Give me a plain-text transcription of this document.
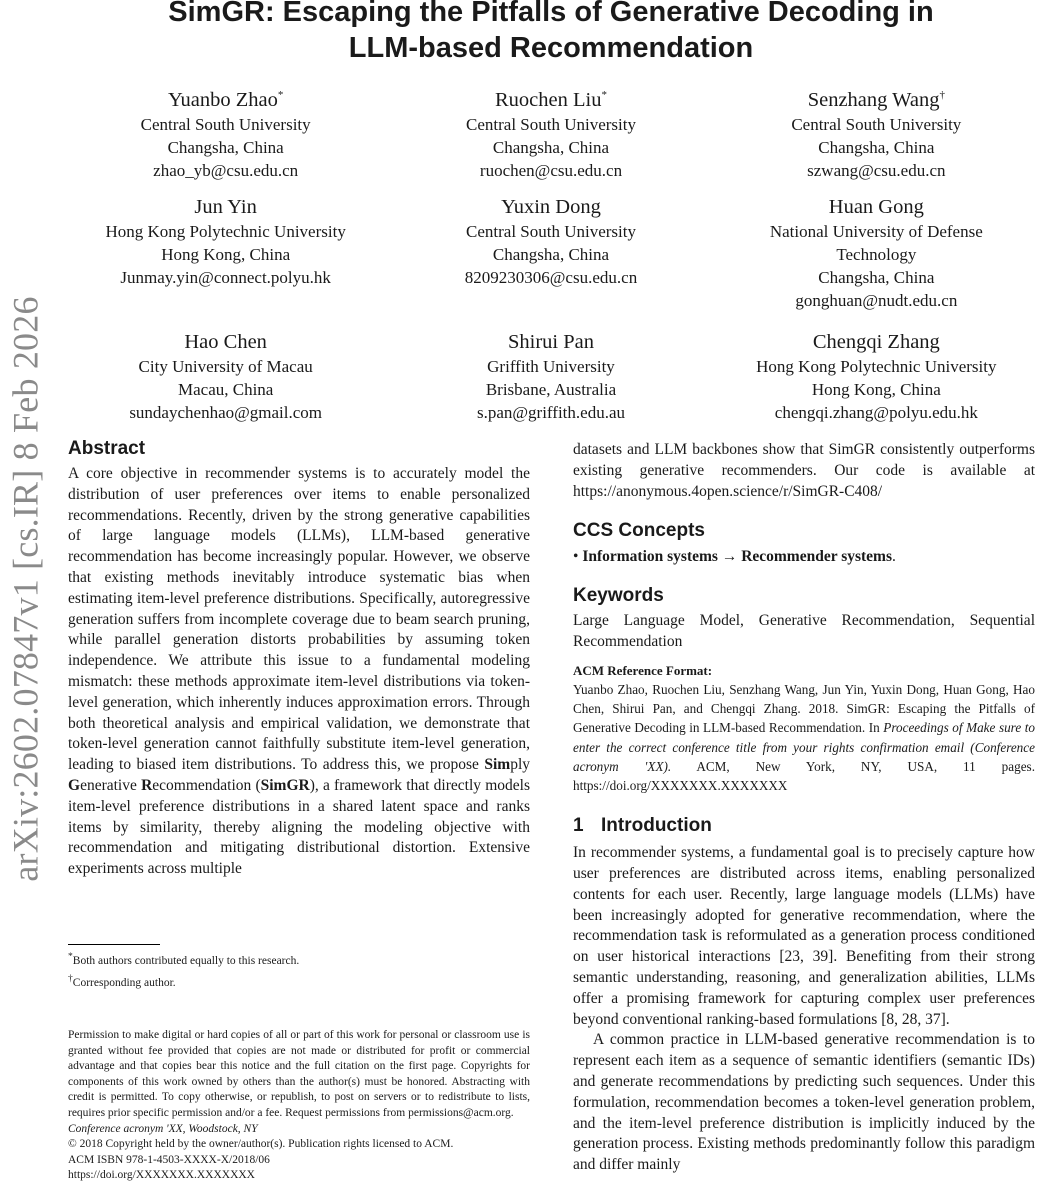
arXiv:2602.07847v1 [cs.IR] 8 Feb 2026
SimGR: Escaping the Pitfalls of Generative Decoding in
LLM-based Recommendation
Yuanbo Zhao*
Central South University
Changsha, China
zhao_yb@csu.edu.cn
Ruochen Liu*
Central South University
Changsha, China
ruochen@csu.edu.cn
Senzhang Wang†
Central South University
Changsha, China
szwang@csu.edu.cn
Jun Yin
Hong Kong Polytechnic University
Hong Kong, China
Junmay.yin@connect.polyu.hk
Yuxin Dong
Central South University
Changsha, China
8209230306@csu.edu.cn
Huan Gong
National University of Defense
Technology
Changsha, China
gonghuan@nudt.edu.cn
Hao Chen
City University of Macau
Macau, China
sundaychenhao@gmail.com
Shirui Pan
Griffith University
Brisbane, Australia
s.pan@griffith.edu.au
Chengqi Zhang
Hong Kong Polytechnic University
Hong Kong, China
chengqi.zhang@polyu.edu.hk
Abstract

A core objective in recommender systems is to accurately model the distribution of user preferences over items to enable personalized recommendations. Recently, driven by the strong generative capabilities of large language models (LLMs), LLM-based generative recommendation has become increasingly popular. However, we observe that existing methods inevitably introduce systematic bias when estimating item-level preference distributions. Specifically, autoregressive generation suffers from incomplete coverage due to beam search pruning, while parallel generation distorts probabilities by assuming token independence. We attribute this issue to a fundamental modeling mismatch: these methods approximate item-level distributions via token-level generation, which inherently induces approximation errors. Through both theoretical analysis and empirical validation, we demonstrate that token-level generation cannot faithfully substitute item-level generation, leading to biased item distributions. To address this, we propose Simply Generative Recommendation (SimGR), a framework that directly models item-level preference distributions in a shared latent space and ranks items by similarity, thereby aligning the modeling objective with recommendation and mitigating distributional distortion. Extensive experiments across multiple

*Both authors contributed equally to this research.
†Corresponding author.
Permission to make digital or hard copies of all or part of this work for personal or classroom use is granted without fee provided that copies are not made or distributed for profit or commercial advantage and that copies bear this notice and the full citation on the first page. Copyrights for components of this work owned by others than the author(s) must be honored. Abstracting with credit is permitted. To copy otherwise, or republish, to post on servers or to redistribute to lists, requires prior specific permission and/or a fee. Request permissions from permissions@acm.org.
Conference acronym 'XX, Woodstock, NY
© 2018 Copyright held by the owner/author(s). Publication rights licensed to ACM.
ACM ISBN 978-1-4503-XXXX-X/2018/06
https://doi.org/XXXXXXX.XXXXXXX

datasets and LLM backbones show that SimGR consistently outperforms existing generative recommenders. Our code is available at https://anonymous.4open.science/r/SimGR-C408/

CCS Concepts
• Information systems → Recommender systems.
Keywords

Large Language Model, Generative Recommendation, Sequential Recommendation

ACM Reference Format:

Yuanbo Zhao, Ruochen Liu, Senzhang Wang, Jun Yin, Yuxin Dong, Huan Gong, Hao Chen, Shirui Pan, and Chengqi Zhang. 2018. SimGR: Escaping the Pitfalls of Generative Decoding in LLM-based Recommendation. In Proceedings of Make sure to enter the correct conference title from your rights confirmation email (Conference acronym 'XX). ACM, New York, NY, USA, 11 pages. https://doi.org/XXXXXXX.XXXXXXX

1 Introduction

In recommender systems, a fundamental goal is to precisely capture how user preferences are distributed across items, enabling personalized contents for each user. Recently, large language models (LLMs) have been increasingly adopted for generative recommendation, where the recommendation task is reformulated as a generation process conditioned on user historical interactions [23, 39]. Benefiting from their strong semantic understanding, reasoning, and generalization abilities, LLMs offer a promising framework for capturing complex user preferences beyond conventional ranking-based formulations [8, 28, 37].

A common practice in LLM-based generative recommendation is to represent each item as a sequence of semantic identifiers (semantic IDs) and generate recommendations by predicting such sequences. Under this formulation, recommendation becomes a token-level generation problem, and the item-level preference distribution is implicitly induced by the generation process. Existing methods predominantly follow this paradigm and differ mainly
